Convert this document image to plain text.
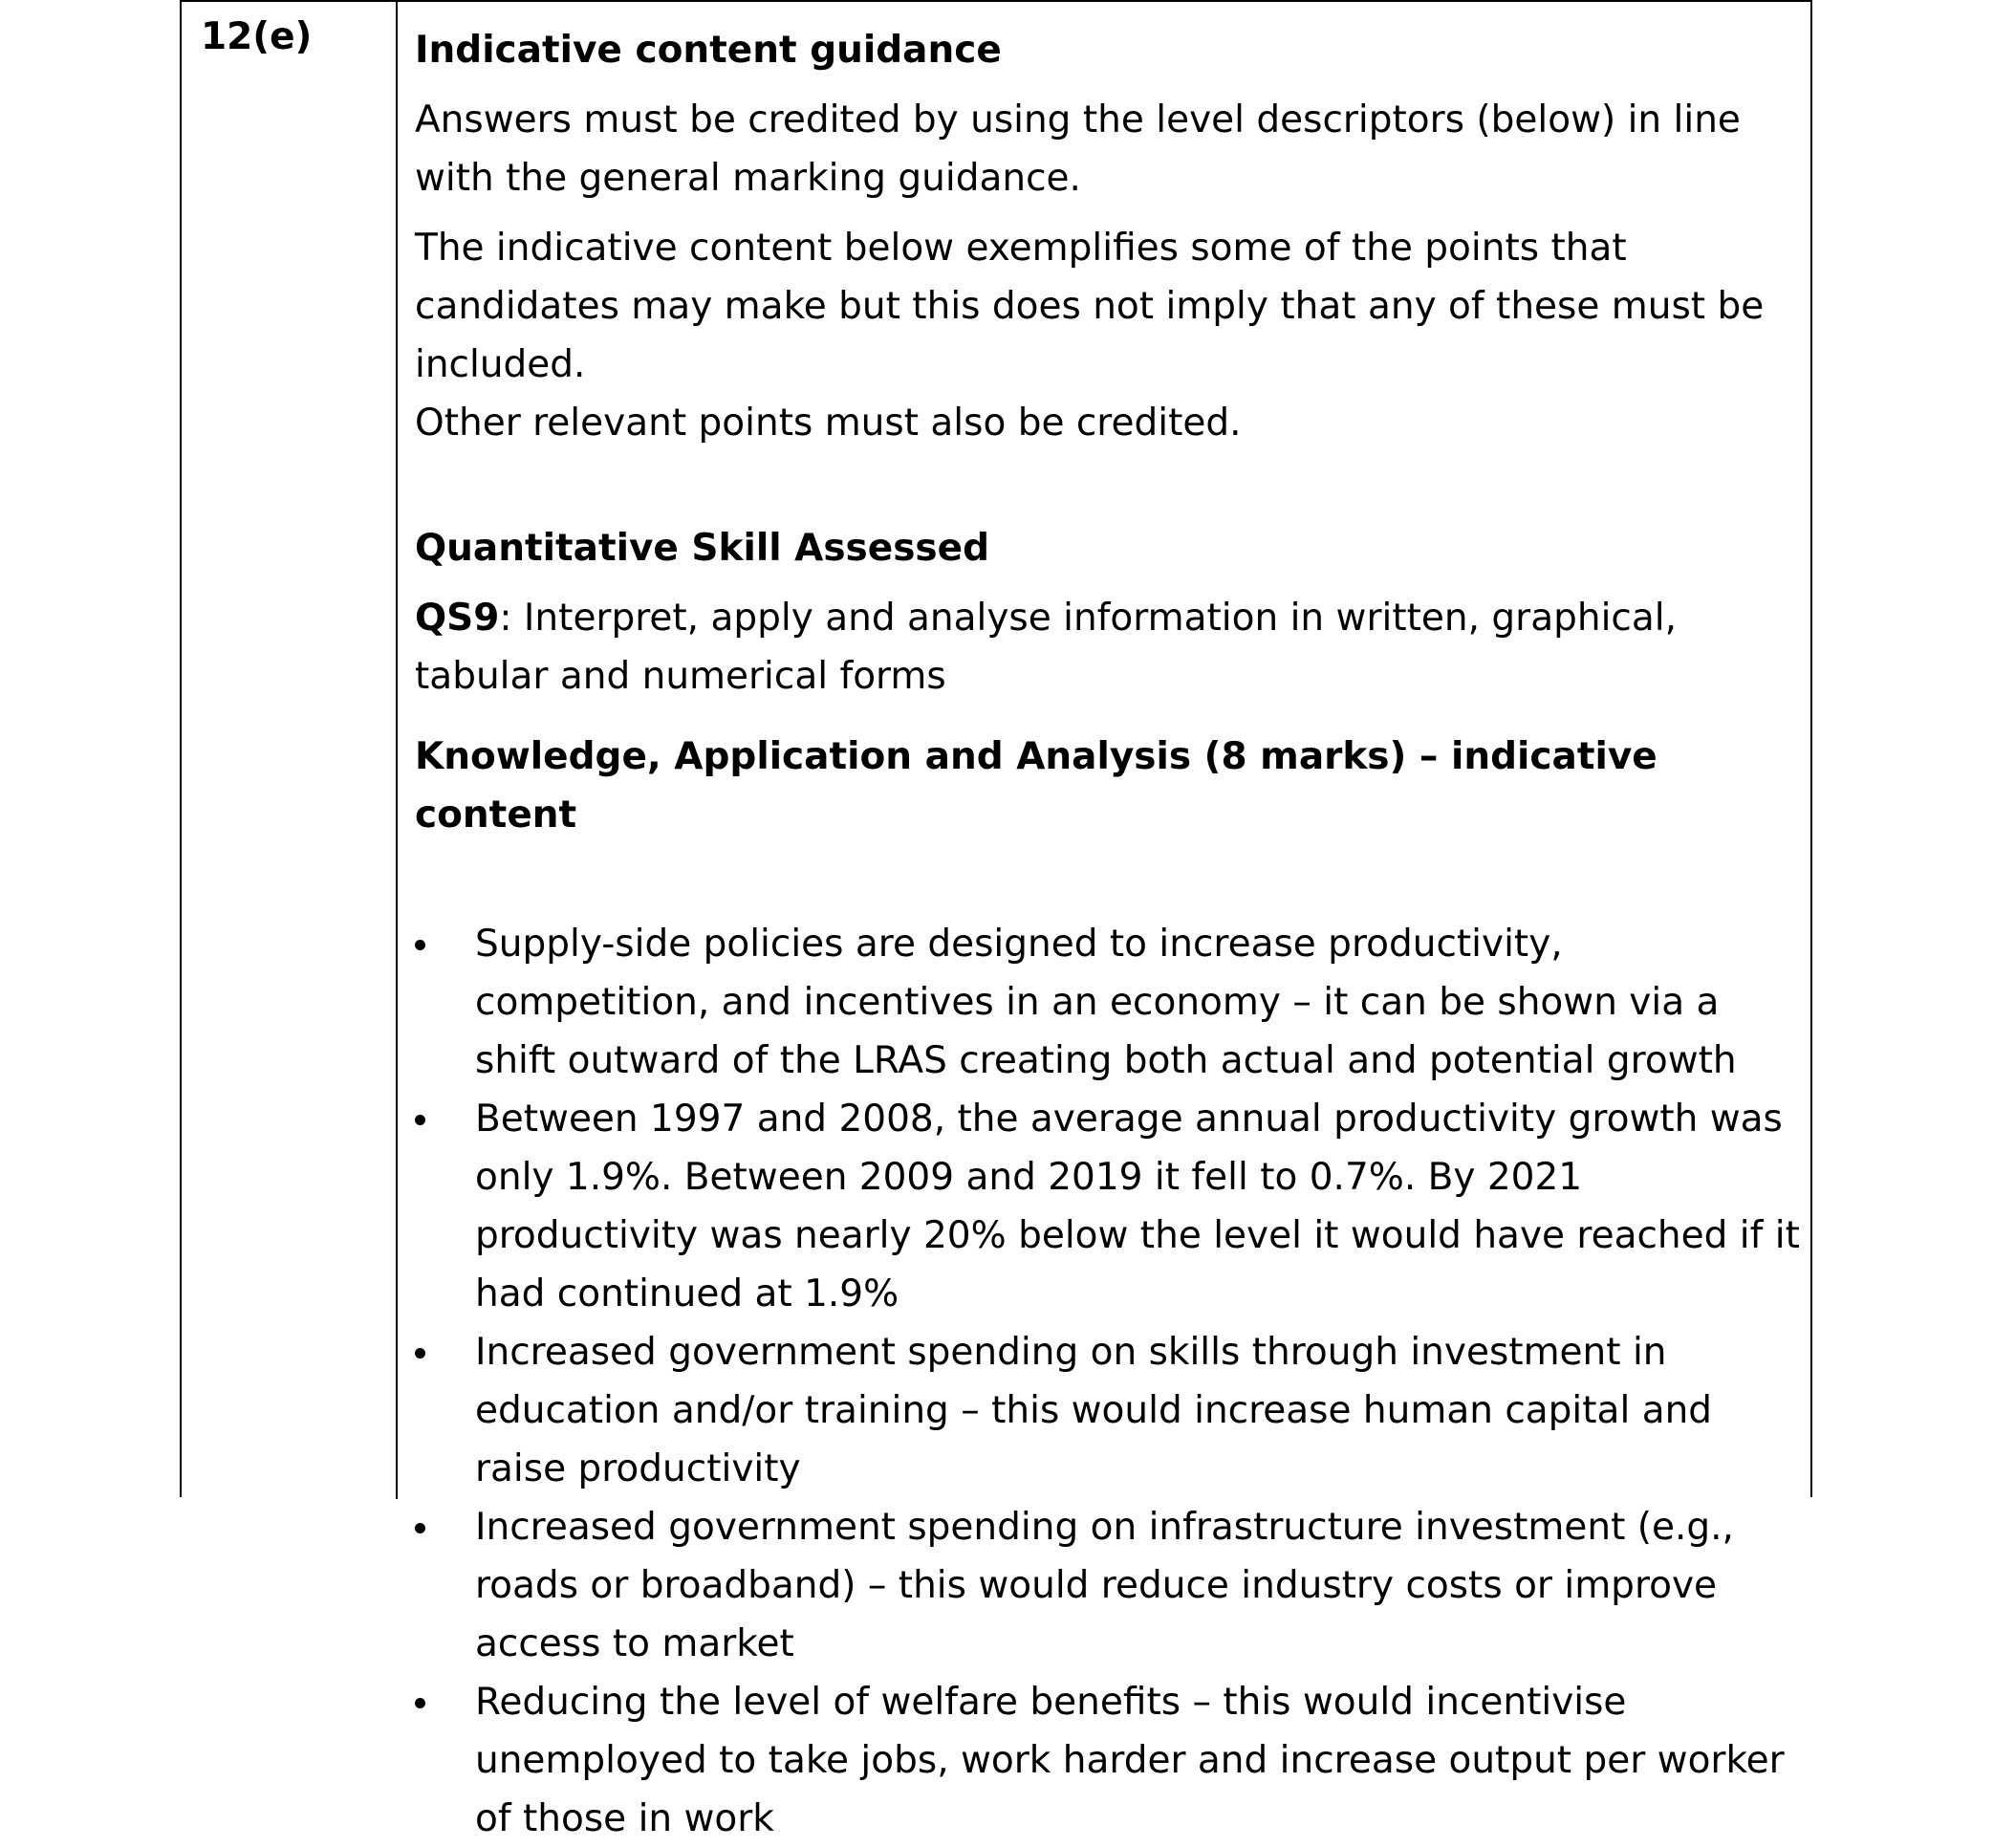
12(e)	Indicative content guidance

Answers must be credited by using the level descriptors (below) in line with the general marking guidance.

The indicative content below exemplifies some of the points that candidates may make but this does not imply that any of these must be included.

Other relevant points must also be credited.

Quantitative Skill Assessed

QS9: Interpret, apply and analyse information in written, graphical, tabular and numerical forms

Knowledge, Application and Analysis (8 marks) – indicative content

Supply-side policies are designed to increase productivity, competition, and incentives in an economy – it can be shown via a shift outward of the LRAS creating both actual and potential growth
Between 1997 and 2008, the average annual productivity growth was only 1.9%. Between 2009 and 2019 it fell to 0.7%. By 2021 productivity was nearly 20% below the level it would have reached if it had continued at 1.9%
Increased government spending on skills through investment in education and/or training – this would increase human capital and raise productivity
Increased government spending on infrastructure investment (e.g., roads or broadband) – this would reduce industry costs or improve access to market
Reducing the level of welfare benefits – this would incentivise unemployed to take jobs, work harder and increase output per worker of those in work
